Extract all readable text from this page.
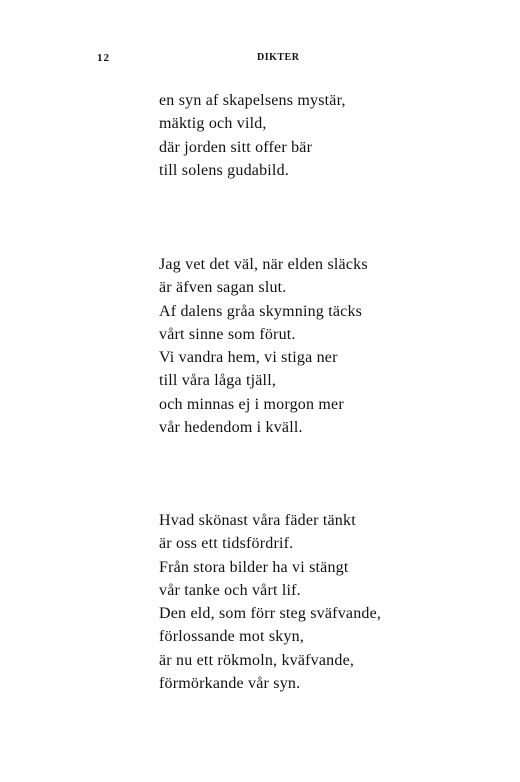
12	DIKTER
en syn af skapelsens mystär,
mäktig och vild,
där jorden sitt offer bär
till solens gudabild.
Jag vet det väl, när elden släcks
är äfven sagan slut.
Af dalens gråa skymning täcks
vårt sinne som förut.
Vi vandra hem, vi stiga ner
till våra låga tjäll,
och minnas ej i morgon mer
vår hedendom i kväll.
Hvad skönast våra fäder tänkt
är oss ett tidsfördrif.
Från stora bilder ha vi stängt
vår tanke och vårt lif.
Den eld, som förr steg sväfvande,
förlossande mot skyn,
är nu ett rökmoln, kväfvande,
förmörkande vår syn.
